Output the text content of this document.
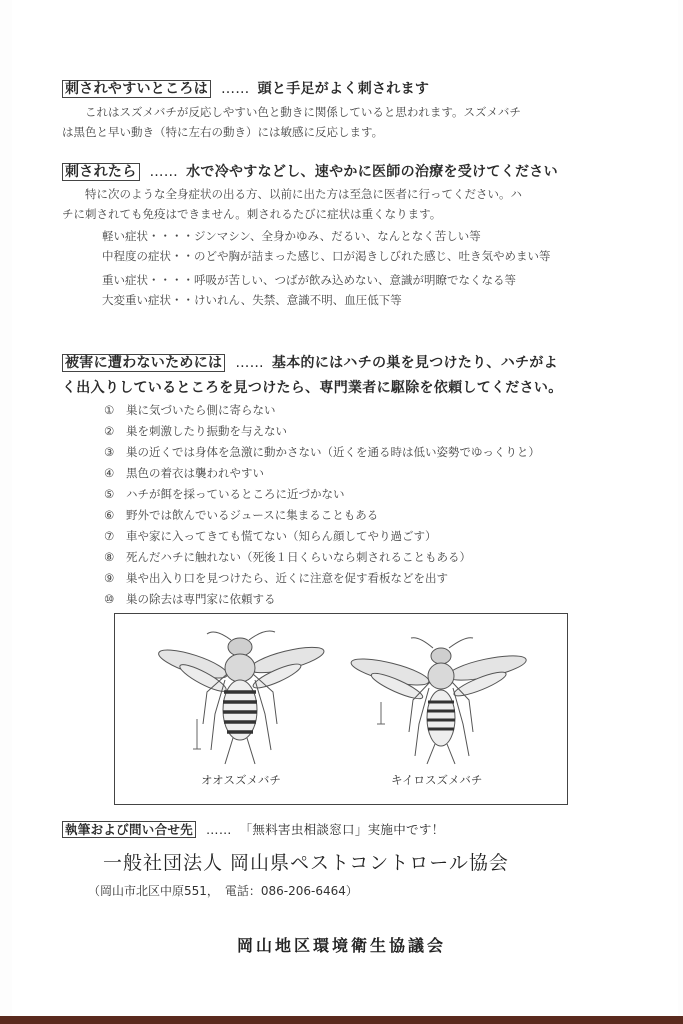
刺されやすいところは …… 頭と手足がよく刺されます
これはスズメバチが反応しやすい色と動きに関係していると思われます。スズメバチ
は黒色と早い動き（特に左右の動き）には敏感に反応します。
刺されたら …… 水で冷やすなどし、速やかに医師の治療を受けてください
特に次のような全身症状の出る方、以前に出た方は至急に医者に行ってください。ハ
チに刺されても免疫はできません。刺されるたびに症状は重くなります。
軽い症状・・・・ ジンマシン、全身かゆみ、だるい、なんとなく苦しい等
中程度の症状・・ のどや胸が詰まった感じ、口が渇きしびれた感じ、吐き気やめまい等
重い症状・・・・ 呼吸が苦しい、つばが飲み込めない、意識が明瞭でなくなる等
大変重い症状・・ けいれん、失禁、意識不明、血圧低下等
被害に遭わないためには …… 基本的にはハチの巣を見つけたり、ハチがよ
く出入りしているところを見つけたら、専門業者に駆除を依頼してください。
① 巣に気づいたら側に寄らない
② 巣を刺激したり振動を与えない
③ 巣の近くでは身体を急激に動かさない（近くを通る時は低い姿勢でゆっくりと）
④ 黒色の着衣は襲われやすい
⑤ ハチが餌を採っているところに近づかない
⑥ 野外では飲んでいるジュースに集まることもある
⑦ 車や家に入ってきても慌てない（知らん顔してやり過ごす）
⑧ 死んだハチに触れない（死後１日くらいなら刺されることもある）
⑨ 巣や出入り口を見つけたら、近くに注意を促す看板などを出す
⑩ 巣の除去は専門家に依頼する
オオスズメバチ	キイロスズメバチ
執筆および問い合せ先 …… 「無料害虫相談窓口」実施中です！
一般社団法人 岡山県ペストコントロール協会
（岡山市北区中原551，　電話：086-206-6464）
岡山地区環境衛生協議会
